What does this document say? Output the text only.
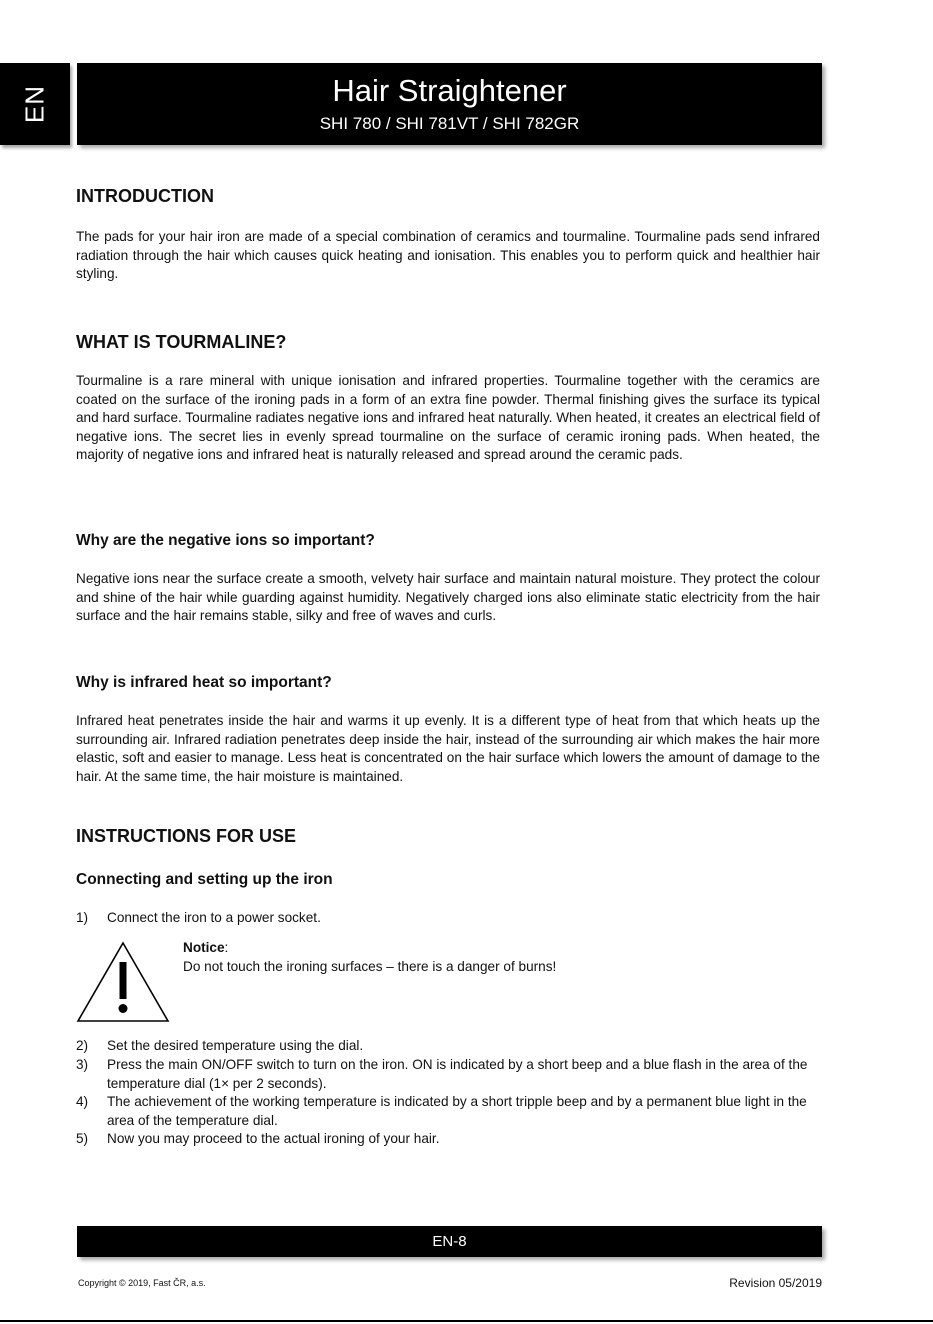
EN	Hair Straightener
SHI 780 / SHI 781VT / SHI 782GR
INTRODUCTION

The pads for your hair iron are made of a special combination of ceramics and tourmaline. Tourmaline pads send infrared radiation through the hair which causes quick heating and ionisation. This enables you to perform quick and healthier hair styling.

WHAT IS TOURMALINE?

Tourmaline is a rare mineral with unique ionisation and infrared properties. Tourmaline together with the ceramics are coated on the surface of the ironing pads in a form of an extra fine powder. Thermal finishing gives the surface its typical and hard surface. Tourmaline radiates negative ions and infrared heat naturally. When heated, it creates an electrical field of negative ions. The secret lies in evenly spread tourmaline on the surface of ceramic ironing pads. When heated, the majority of negative ions and infrared heat is naturally released and spread around the ceramic pads.

Why are the negative ions so important?

Negative ions near the surface create a smooth, velvety hair surface and maintain natural moisture. They protect the colour and shine of the hair while guarding against humidity. Negatively charged ions also eliminate static electricity from the hair surface and the hair remains stable, silky and free of waves and curls.

Why is infrared heat so important?

Infrared heat penetrates inside the hair and warms it up evenly. It is a different type of heat from that which heats up the surrounding air. Infrared radiation penetrates deep inside the hair, instead of the surrounding air which makes the hair more elastic, soft and easier to manage. Less heat is concentrated on the hair surface which lowers the amount of damage to the hair. At the same time, the hair moisture is maintained.

INSTRUCTIONS FOR USE
Connecting and setting up the iron
1) Connect the iron to a power socket.
2) Set the desired temperature using the dial.
3) Press the main ON/OFF switch to turn on the iron. ON is indicated by a short beep and a blue flash in the area of the temperature dial (1× per 2 seconds).
4) The achievement of the working temperature is indicated by a short tripple beep and by a permanent blue light in the area of the temperature dial.
5) Now you may proceed to the actual ironing of your hair.
Notice:
Do not touch the ironing surfaces – there is a danger of burns!
EN-8
Copyright © 2019, Fast ČR, a.s.	Revision 05/2019
